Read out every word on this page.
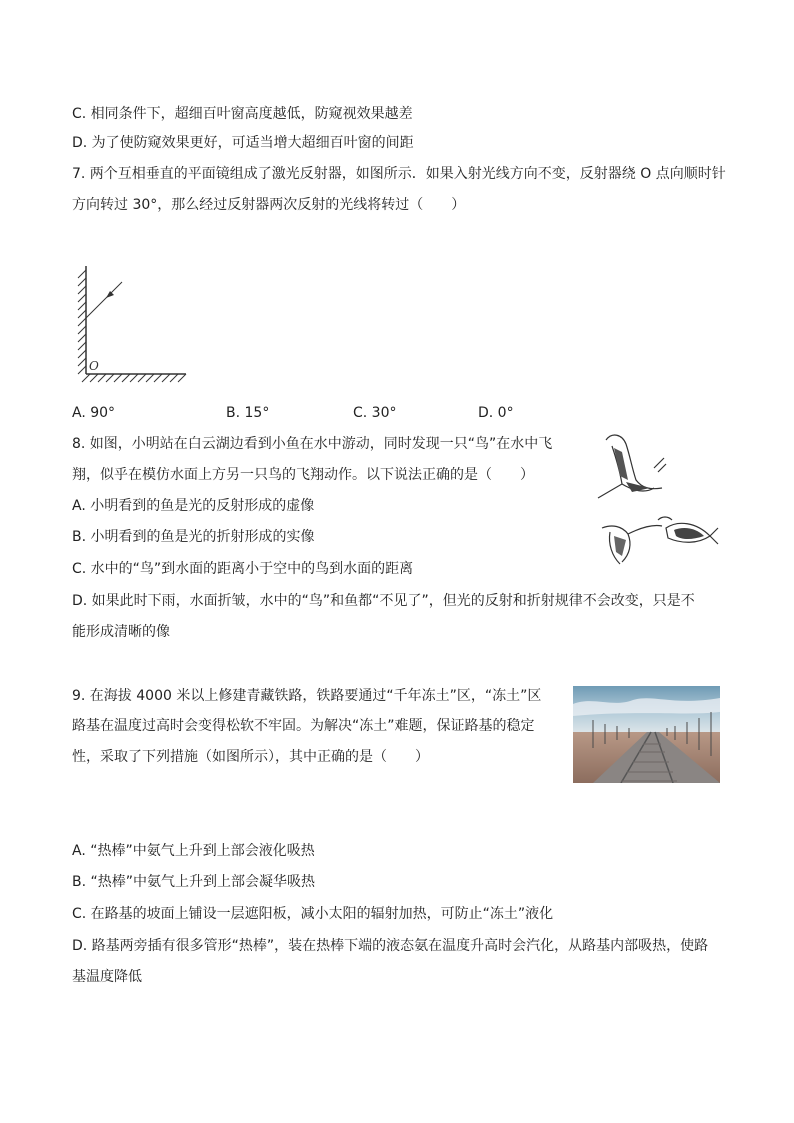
C. 相同条件下，超细百叶窗高度越低，防窥视效果越差
D. 为了使防窥效果更好，可适当增大超细百叶窗的间距
7. 两个互相垂直的平面镜组成了激光反射器，如图所示．如果入射光线方向不变，反射器绕 O 点向顺时针
方向转过 30°，那么经过反射器两次反射的光线将转过（　　）
O
A. 90°	B. 15°	C. 30°	D. 0°
8. 如图，小明站在白云湖边看到小鱼在水中游动，同时发现一只“鸟”在水中飞
翔，似乎在模仿水面上方另一只鸟的飞翔动作。以下说法正确的是（　　）
A. 小明看到的鱼是光的反射形成的虚像
B. 小明看到的鱼是光的折射形成的实像
C. 水中的“鸟”到水面的距离小于空中的鸟到水面的距离
D. 如果此时下雨，水面折皱，水中的“鸟”和鱼都“不见了”，但光的反射和折射规律不会改变，只是不
能形成清晰的像
9. 在海拔 4000 米以上修建青藏铁路，铁路要通过“千年冻土”区，“冻土”区
路基在温度过高时会变得松软不牢固。为解决“冻土”难题，保证路基的稳定
性，采取了下列措施（如图所示），其中正确的是（　　）
A. “热棒”中氨气上升到上部会液化吸热
B. “热棒”中氨气上升到上部会凝华吸热
C. 在路基的坡面上铺设一层遮阳板，减小太阳的辐射加热，可防止“冻土”液化
D. 路基两旁插有很多管形“热棒”，装在热棒下端的液态氨在温度升高时会汽化，从路基内部吸热，使路
基温度降低
